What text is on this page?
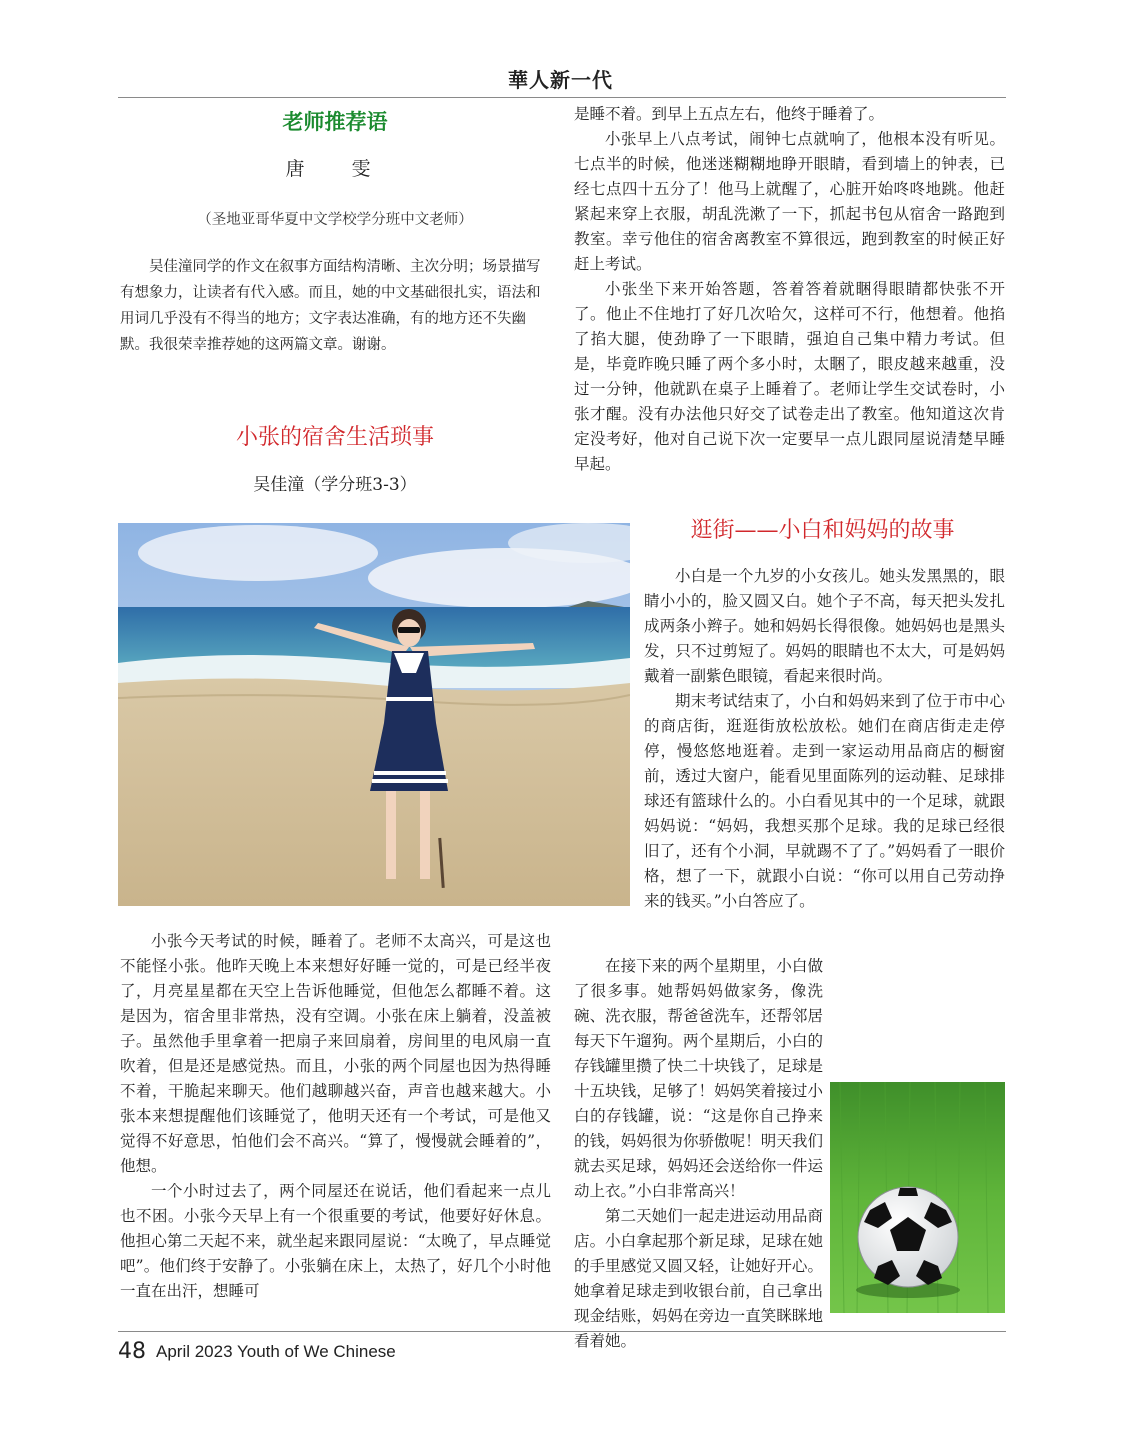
華人新一代
老师推荐语
唐　雯
（圣地亚哥华夏中文学校学分班中文老师）

吴佳潼同学的作文在叙事方面结构清晰、主次分明；场景描写有想象力，让读者有代入感。而且，她的中文基础很扎实，语法和用词几乎没有不得当的地方；文字表达准确，有的地方还不失幽默。我很荣幸推荐她的这两篇文章。谢谢。

小张的宿舍生活琐事
吴佳潼（学分班3-3）

小张今天考试的时候，睡着了。老师不太高兴，可是这也不能怪小张。他昨天晚上本来想好好睡一觉的，可是已经半夜了，月亮星星都在天空上告诉他睡觉，但他怎么都睡不着。这是因为，宿舍里非常热，没有空调。小张在床上躺着，没盖被子。虽然他手里拿着一把扇子来回扇着，房间里的电风扇一直吹着，但是还是感觉热。而且，小张的两个同屋也因为热得睡不着，干脆起来聊天。他们越聊越兴奋，声音也越来越大。小张本来想提醒他们该睡觉了，他明天还有一个考试，可是他又觉得不好意思，怕他们会不高兴。“算了，慢慢就会睡着的”，他想。

一个小时过去了，两个同屋还在说话，他们看起来一点儿也不困。小张今天早上有一个很重要的考试，他要好好休息。他担心第二天起不来，就坐起来跟同屋说：“太晚了，早点睡觉吧”。他们终于安静了。小张躺在床上，太热了，好几个小时他一直在出汗，想睡可

是睡不着。到早上五点左右，他终于睡着了。

小张早上八点考试，闹钟七点就响了，他根本没有听见。七点半的时候，他迷迷糊糊地睁开眼睛，看到墙上的钟表，已经七点四十五分了！他马上就醒了，心脏开始咚咚地跳。他赶紧起来穿上衣服，胡乱洗漱了一下，抓起书包从宿舍一路跑到教室。幸亏他住的宿舍离教室不算很远，跑到教室的时候正好赶上考试。

小张坐下来开始答题，答着答着就睏得眼睛都快张不开了。他止不住地打了好几次哈欠，这样可不行，他想着。他掐了掐大腿，使劲睁了一下眼睛，强迫自己集中精力考试。但是，毕竟昨晚只睡了两个多小时，太睏了，眼皮越来越重，没过一分钟，他就趴在桌子上睡着了。老师让学生交试卷时，小张才醒。没有办法他只好交了试卷走出了教室。他知道这次肯定没考好，他对自己说下次一定要早一点儿跟同屋说清楚早睡早起。

逛街——小白和妈妈的故事

小白是一个九岁的小女孩儿。她头发黑黑的，眼睛小小的，脸又圆又白。她个子不高，每天把头发扎成两条小辫子。她和妈妈长得很像。她妈妈也是黑头发，只不过剪短了。妈妈的眼睛也不太大，可是妈妈戴着一副紫色眼镜，看起来很时尚。

期末考试结束了，小白和妈妈来到了位于市中心的商店街，逛逛街放松放松。她们在商店街走走停停，慢悠悠地逛着。走到一家运动用品商店的橱窗前，透过大窗户，能看见里面陈列的运动鞋、足球排球还有篮球什么的。小白看见其中的一个足球，就跟妈妈说：“妈妈，我想买那个足球。我的足球已经很旧了，还有个小洞，早就踢不了了。”妈妈看了一眼价格，想了一下，就跟小白说：“你可以用自己劳动挣来的钱买。”小白答应了。

在接下来的两个星期里，小白做了很多事。她帮妈妈做家务，像洗碗、洗衣服，帮爸爸洗车，还帮邻居每天下午遛狗。两个星期后，小白的存钱罐里攒了快二十块钱了，足球是十五块钱，足够了！妈妈笑着接过小白的存钱罐，说：“这是你自己挣来的钱，妈妈很为你骄傲呢！明天我们就去买足球，妈妈还会送给你一件运动上衣。”小白非常高兴！

第二天她们一起走进运动用品商店。小白拿起那个新足球，足球在她的手里感觉又圆又轻，让她好开心。她拿着足球走到收银台前，自己拿出现金结账，妈妈在旁边一直笑眯眯地看着她。

48 April 2023 Youth of We Chinese
